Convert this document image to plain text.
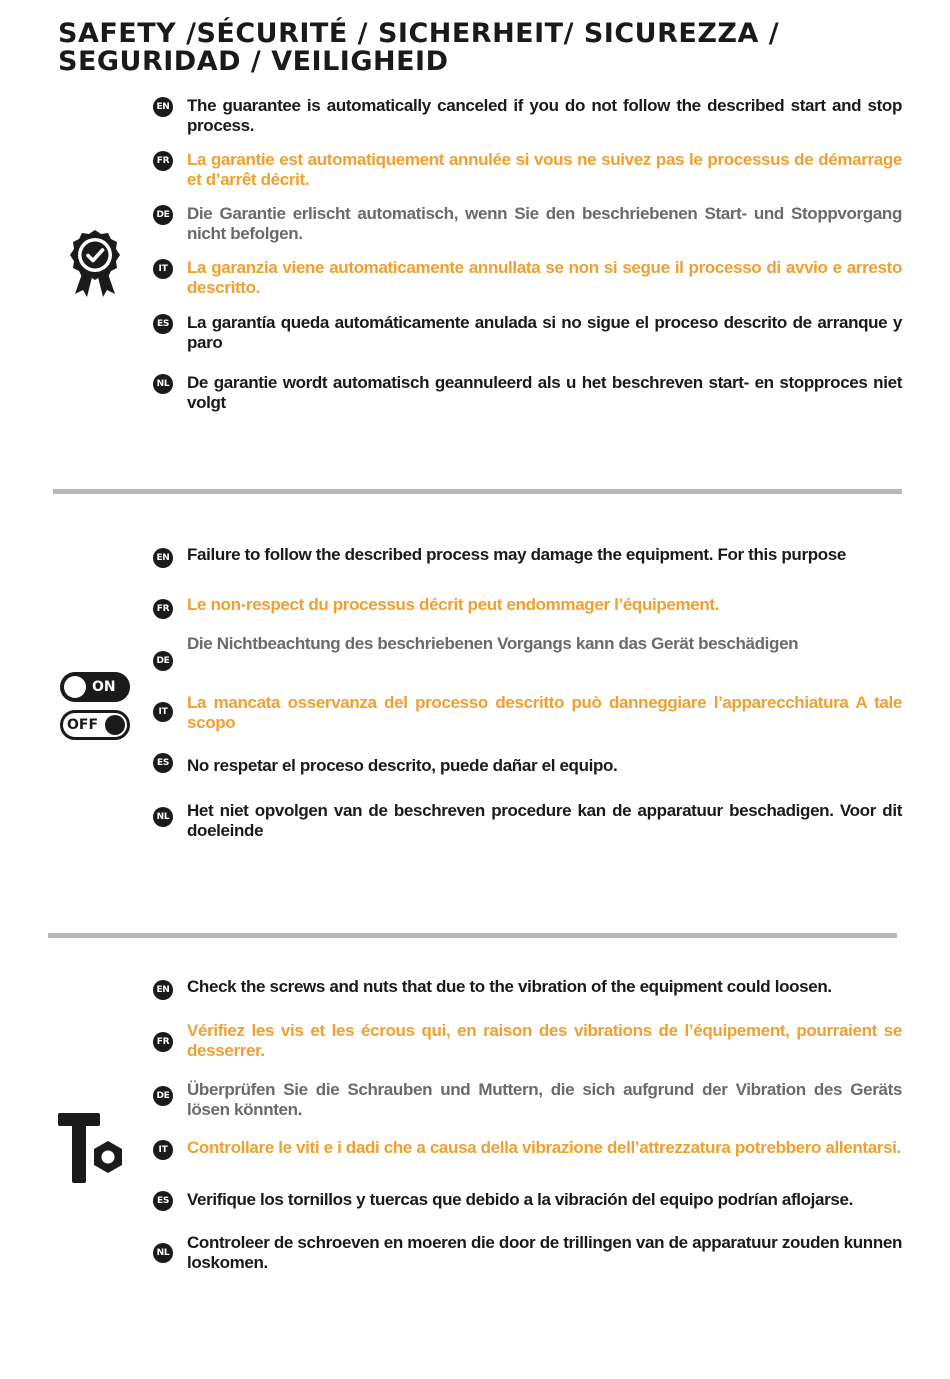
SAFETY /SÉCURITÉ / SICHERHEIT/ SICUREZZA /
SEGURIDAD / VEILIGHEID
EN The guarantee is automatically canceled if you do not follow the described start and stop process.
FR La garantie est automatiquement annulée si vous ne suivez pas le processus de démarrage et d’arrêt décrit.
DE Die Garantie erlischt automatisch, wenn Sie den beschriebenen Start- und Stoppvorgang nicht befolgen.
IT	La garanzia viene automaticamente annullata se non si segue il processo di avvio e arresto descritto.
ES La garantía queda automáticamente anulada si no sigue el proceso descrito de arranque y paro
NL De garantie wordt automatisch geannuleerd als u het beschreven start- en stopproces niet volgt
ON
OFF
EN Failure to follow the described process may damage the equipment. For this purpose
FR Le non-respect du processus décrit peut endommager l’équipement.
DE
Die Nichtbeachtung des beschriebenen Vorgangs kann das Gerät beschädigen
IT	La mancata osservanza del processo descritto può danneggiare l’apparecchiatura A tale scopo
ES No respetar el proceso descrito, puede dañar el equipo.
NL Het niet opvolgen van de beschreven procedure kan de apparatuur beschadigen. Voor dit doeleinde
EN Check the screws and nuts that due to the vibration of the equipment could loosen.
FR
Vérifiez les vis et les écrous qui, en raison des vibrations de l’équipement, pourraient se desserrer.
DE Überprüfen Sie die Schrauben und Muttern, die sich aufgrund der Vibration des Geräts lösen könnten.
IT	Controllare le viti e i dadi che a causa della vibrazione dell’attrezzatura potrebbero allentarsi.
ES Verifique los tornillos y tuercas que debido a la vibración del equipo podrían aflojarse.
NL
Controleer de schroeven en moeren die door de trillingen van de apparatuur zouden kunnen loskomen.
